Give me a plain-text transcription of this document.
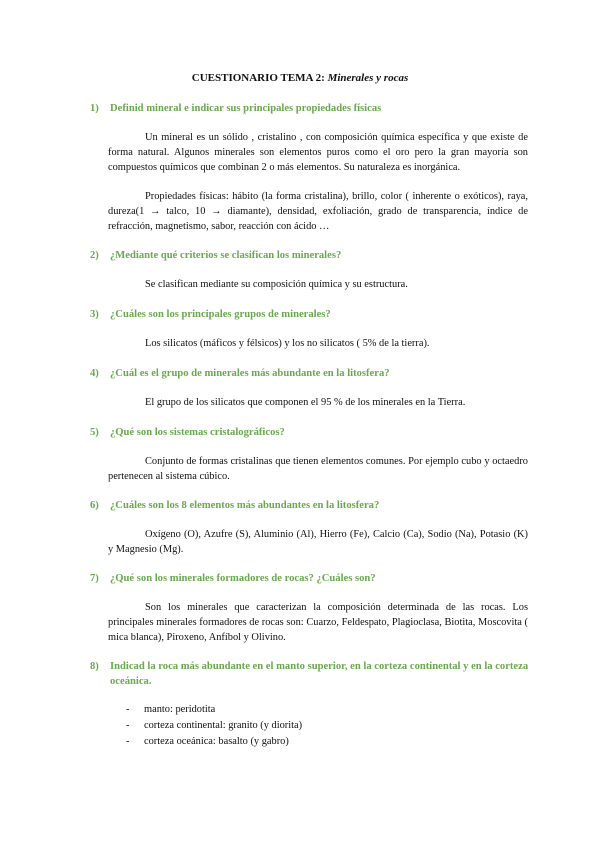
CUESTIONARIO TEMA 2: Minerales y rocas
1) Definid mineral e indicar sus principales propiedades físicas
Un mineral es un sólido , cristalino , con composición química específica y que existe de forma natural. Algunos minerales son elementos puros como el oro pero la gran mayoría son compuestos químicos que combinan 2 o más elementos. Su naturaleza es inorgánica.
Propiedades físicas: hábito (la forma cristalina), brillo, color ( inherente o exóticos), raya, dureza(1 → talco, 10 → diamante), densidad, exfoliación, grado de transparencia, índice de refracción, magnetismo, sabor, reacción con ácido …
2) ¿Mediante qué criterios se clasifican los minerales?
Se clasifican mediante su composición química y su estructura.
3) ¿Cuáles son los principales grupos de minerales?
Los silicatos (máficos y félsicos) y los no silicatos ( 5% de la tierra).
4) ¿Cuál es el grupo de minerales más abundante en la litosfera?
El grupo de los silicatos que componen el 95 % de los minerales en la Tierra.
5) ¿Qué son los sistemas cristalográficos?
Conjunto de formas cristalinas que tienen elementos comunes. Por ejemplo cubo y octaedro pertenecen al sistema cúbico.
6) ¿Cuáles son los 8 elementos más abundantes en la litosfera?
Oxígeno (O), Azufre (S), Aluminio (Al), Hierro (Fe), Calcio (Ca), Sodio (Na), Potasio (K) y Magnesio (Mg).
7) ¿Qué son los minerales formadores de rocas? ¿Cuáles son?
Son los minerales que caracterizan la composición determinada de las rocas. Los principales minerales formadores de rocas son: Cuarzo, Feldespato, Plagioclasa, Biotita, Moscovita ( mica blanca), Piroxeno, Anfíbol y Olivino.
8) Indicad la roca más abundante en el manto superior, en la corteza continental y en la corteza oceánica.
- manto: peridotita
- corteza continental: granito (y diorita)
- corteza oceánica: basalto (y gabro)
